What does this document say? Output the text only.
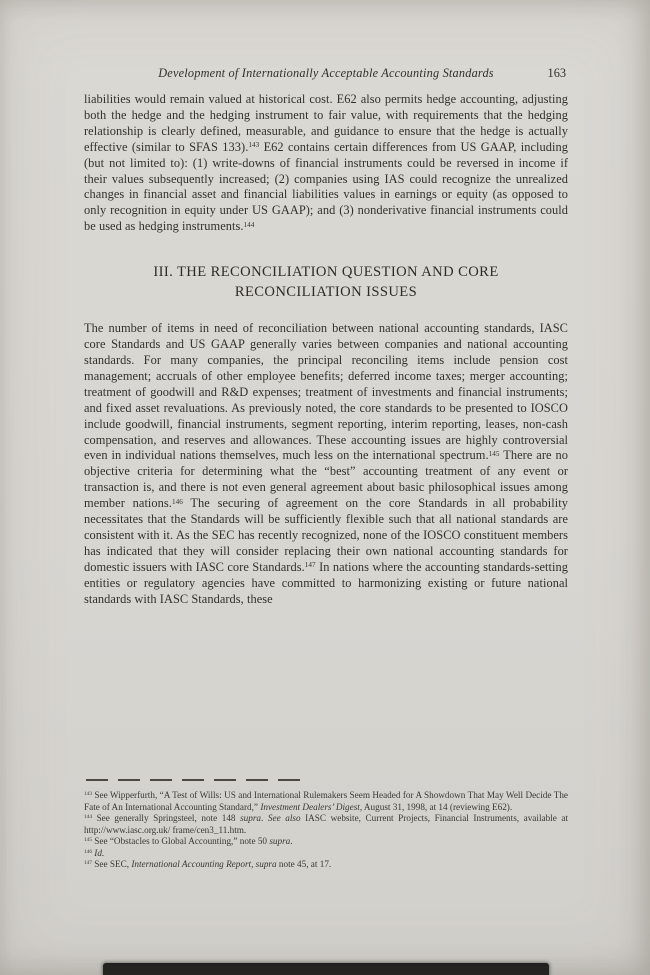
Development of Internationally Acceptable Accounting Standards	163

liabilities would remain valued at historical cost. E62 also permits hedge accounting, adjusting both the hedge and the hedging instrument to fair value, with requirements that the hedging relationship is clearly defined, measurable, and guidance to ensure that the hedge is actually effective (similar to SFAS 133).$^{143}$ E62 contains certain differences from US GAAP, including (but not limited to): (1) write-downs of financial instruments could be reversed in income if their values subsequently increased; (2) companies using IAS could recognize the unrealized changes in financial asset and financial liabilities values in earnings or equity (as opposed to only recognition in equity under US GAAP); and (3) nonderivative financial instruments could be used as hedging instruments.$^{144}$

III. THE RECONCILIATION QUESTION AND CORE
RECONCILIATION ISSUES

The number of items in need of reconciliation between national accounting standards, IASC core Standards and US GAAP generally varies between companies and national accounting standards. For many companies, the principal reconciling items include pension cost management; accruals of other employee benefits; deferred income taxes; merger accounting; treatment of goodwill and R&D expenses; treatment of investments and financial instruments; and fixed asset revaluations. As previously noted, the core standards to be presented to IOSCO include goodwill, financial instruments, segment reporting, interim reporting, leases, non-cash compensation, and reserves and allowances. These accounting issues are highly controversial even in individual nations themselves, much less on the international spectrum.$^{145}$ There are no objective criteria for determining what the “best” accounting treatment of any event or transaction is, and there is not even general agreement about basic philosophical issues among member nations.$^{146}$ The securing of agreement on the core Standards in all probability necessitates that the Standards will be sufficiently flexible such that all national standards are consistent with it. As the SEC has recently recognized, none of the IOSCO constituent members has indicated that they will consider replacing their own national accounting standards for domestic issuers with IASC core Standards.$^{147}$ In nations where the accounting standards-setting entities or regulatory agencies have committed to harmonizing existing or future national standards with IASC Standards, these

$^{143}$ See Wipperfurth, “A Test of Wills: US and International Rulemakers Seem Headed for A Showdown That May Well Decide The Fate of An International Accounting Standard,” Investment Dealers’ Digest, August 31, 1998, at 14 (reviewing E62).

$^{144}$ See generally Springsteel, note 148 supra. See also IASC website, Current Projects, Financial Instruments, available at http://www.iasc.org.uk/ frame/cen3_11.htm.

$^{145}$ See “Obstacles to Global Accounting,” note 50 supra.

$^{146}$ Id.

$^{147}$ See SEC, International Accounting Report, supra note 45, at 17.
